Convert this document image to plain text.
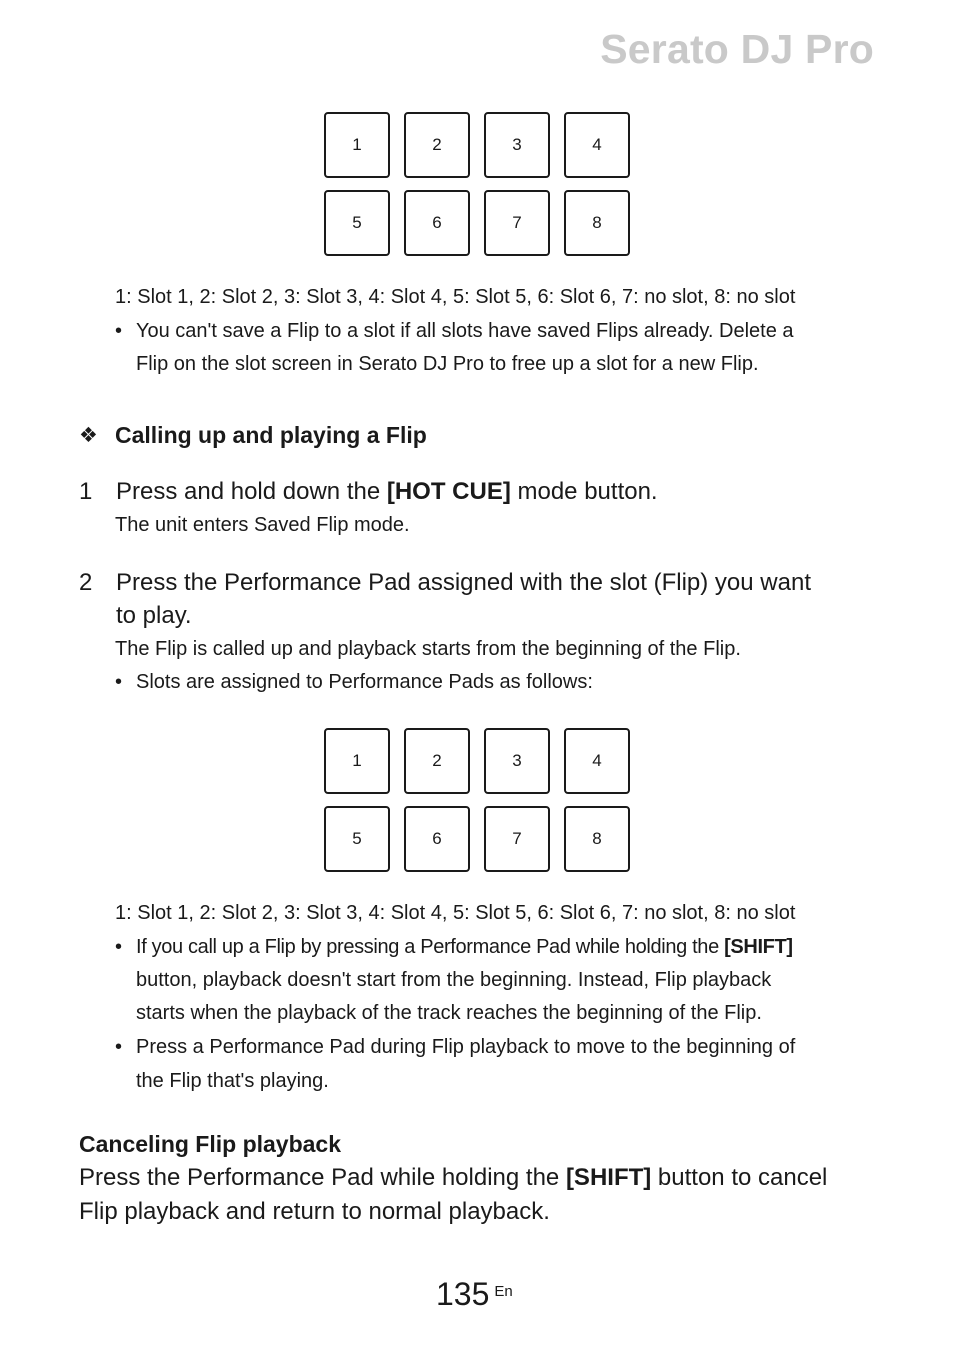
Serato DJ Pro
1	2	3	4
5	6	7	8
1: Slot 1, 2: Slot 2, 3: Slot 3, 4: Slot 4, 5: Slot 5, 6: Slot 6, 7: no slot, 8: no slot
• You can't save a Flip to a slot if all slots have saved Flips already. Delete a
Flip on the slot screen in Serato DJ Pro to free up a slot for a new Flip.
❖ Calling up and playing a Flip
1 Press and hold down the [HOT CUE] mode button.
The unit enters Saved Flip mode.
2 Press the Performance Pad assigned with the slot (Flip) you want
to play.
The Flip is called up and playback starts from the beginning of the Flip.
• Slots are assigned to Performance Pads as follows:
1	2	3	4
5	6	7	8
1: Slot 1, 2: Slot 2, 3: Slot 3, 4: Slot 4, 5: Slot 5, 6: Slot 6, 7: no slot, 8: no slot
• If you call up a Flip by pressing a Performance Pad while holding the [SHIFT]
button, playback doesn't start from the beginning. Instead, Flip playback
starts when the playback of the track reaches the beginning of the Flip.
• Press a Performance Pad during Flip playback to move to the beginning of
the Flip that's playing.
Canceling Flip playback
Press the Performance Pad while holding the [SHIFT] button to cancel
Flip playback and return to normal playback.
135 En
